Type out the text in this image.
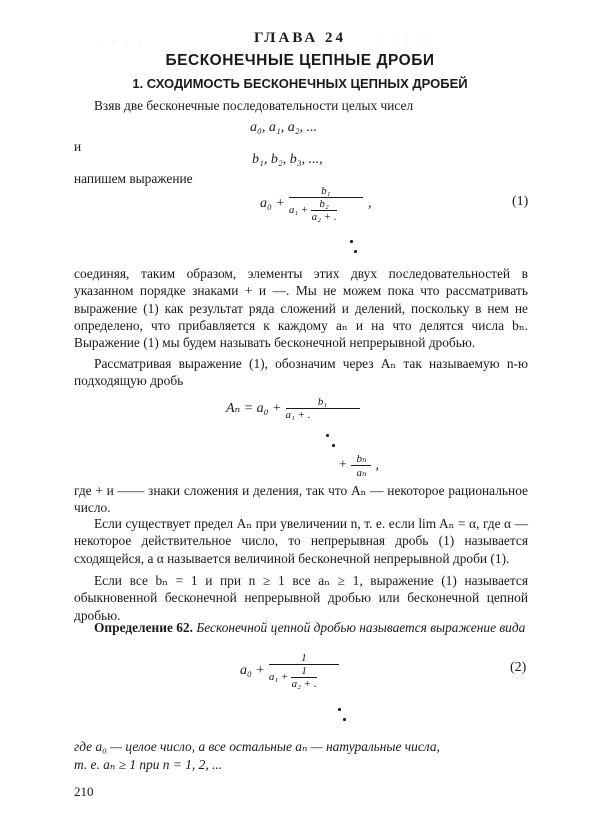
· · · ·	· · · · ·
ГЛАВА 24
БЕСКОНЕЧНЫЕ ЦЕПНЫЕ ДРОБИ
1. СХОДИМОСТЬ БЕСКОНЕЧНЫХ ЦЕПНЫХ ДРОБЕЙ
Взяв две бесконечные последовательности целых чисел
a₀, a₁, a₂, ...
и
b₁, b₂, b₃, ...,
напишем выражение
$a_0 + \frac{\text{b₁}}{a_1 + \frac{\text{b₂}}{\text{a₂ + .}}}$ ,	(1)
соединяя, таким образом, элементы этих двух последовательностей в указанном порядке знаками + и —. Мы не можем пока что рассматривать выражение (1) как результат ряда сложений и делений, поскольку в нем не определено, что прибавляется к каждому aₙ и на что делятся числа bₙ. Выражение (1) мы будем называть бесконечной непрерывной дробью.
Рассматривая выражение (1), обозначим через Aₙ так называемую n-ю подходящую дробь
$A_n = a_0 + \frac{\text{b₁}}{\text{a₁ + .}}$
+ $\frac{\text{bₙ}}{\text{aₙ}}$ ,
где + и —— знаки сложения и деления, так что Aₙ — некоторое рациональное число.
Если существует предел Aₙ при увеличении n, т. е. если lim Aₙ = α, где α — некоторое действительное число, то непрерывная дробь (1) называется сходящейся, а α называется величиной бесконечной непрерывной дроби (1).
Если все bₙ = 1 и при n ≥ 1 все aₙ ≥ 1, выражение (1) называется обыкновенной бесконечной непрерывной дробью или бесконечной цепной дробью.
Определение 62. Бесконечной цепной дробью называется выражение вида
$a_0 + \frac{1}{a_1 + \frac{1}{\text{a₂ + .}}}$	(2)
где a₀ — целое число, а все остальные aₙ — натуральные числа,
т. е. aₙ ≥ 1 при n = 1, 2, ...
210
